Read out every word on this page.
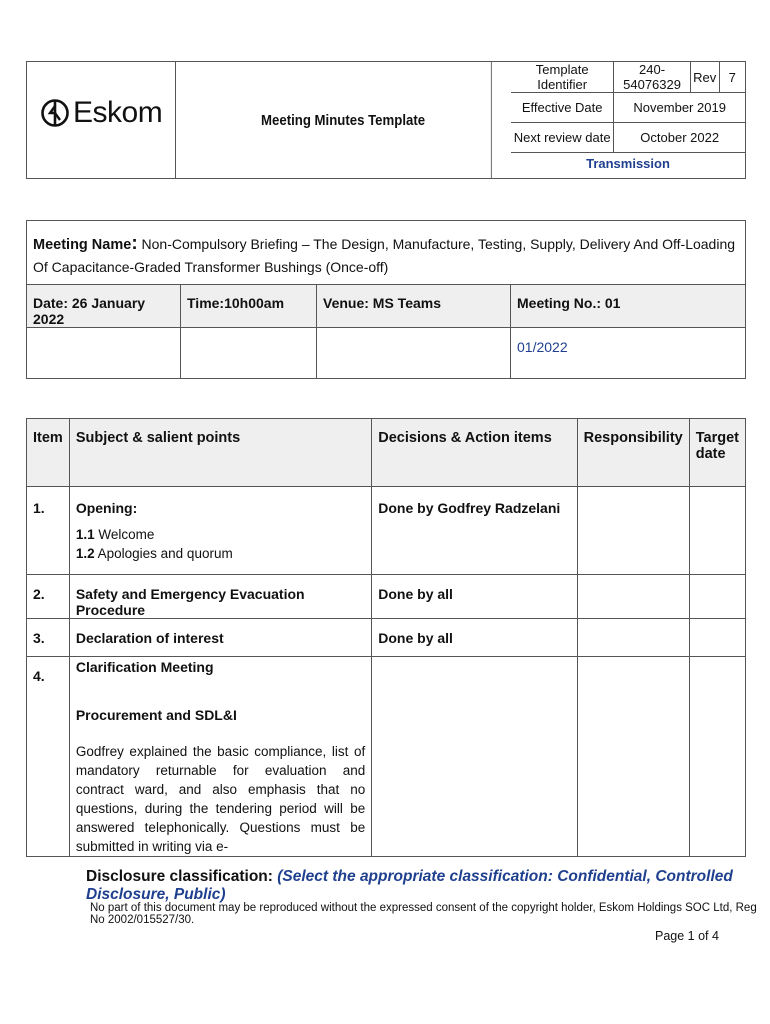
Eskom	Meeting Minutes Template
Template Identifier	240-54076329	Rev	7
Effective Date	November 2019		
Next review date	October 2022		
Transmission
Meeting Name: Non-Compulsory Briefing – The Design, Manufacture, Testing, Supply, Delivery And Off-Loading Of Capacitance-Graded Transformer Bushings (Once-off)			
Date: 26 January 2022	Time:10h00am	Venue: MS Teams	Meeting No.: 01
			01/2022
Item	Subject & salient points	Decisions & Action items	Responsibility	Target date
1.	Opening:
1.1 Welcome
1.2 Apologies and quorum	Done by Godfrey Radzelani		
2.	Safety and Emergency Evacuation Procedure	Done by all		
3.	Declaration of interest	Done by all		
4.	Clarification Meeting
Procurement and SDL&I
Godfrey explained the basic compliance, list of mandatory returnable for evaluation and contract ward, and also emphasis that no questions, during the tendering period will be answered telephonically. Questions must be submitted in writing via e-			

Disclosure classification: (Select the appropriate classification: Confidential, Controlled Disclosure, Public)
No part of this document may be reproduced without the expressed consent of the copyright holder, Eskom Holdings SOC Ltd, Reg No 2002/015527/30.
Page 1 of 4
